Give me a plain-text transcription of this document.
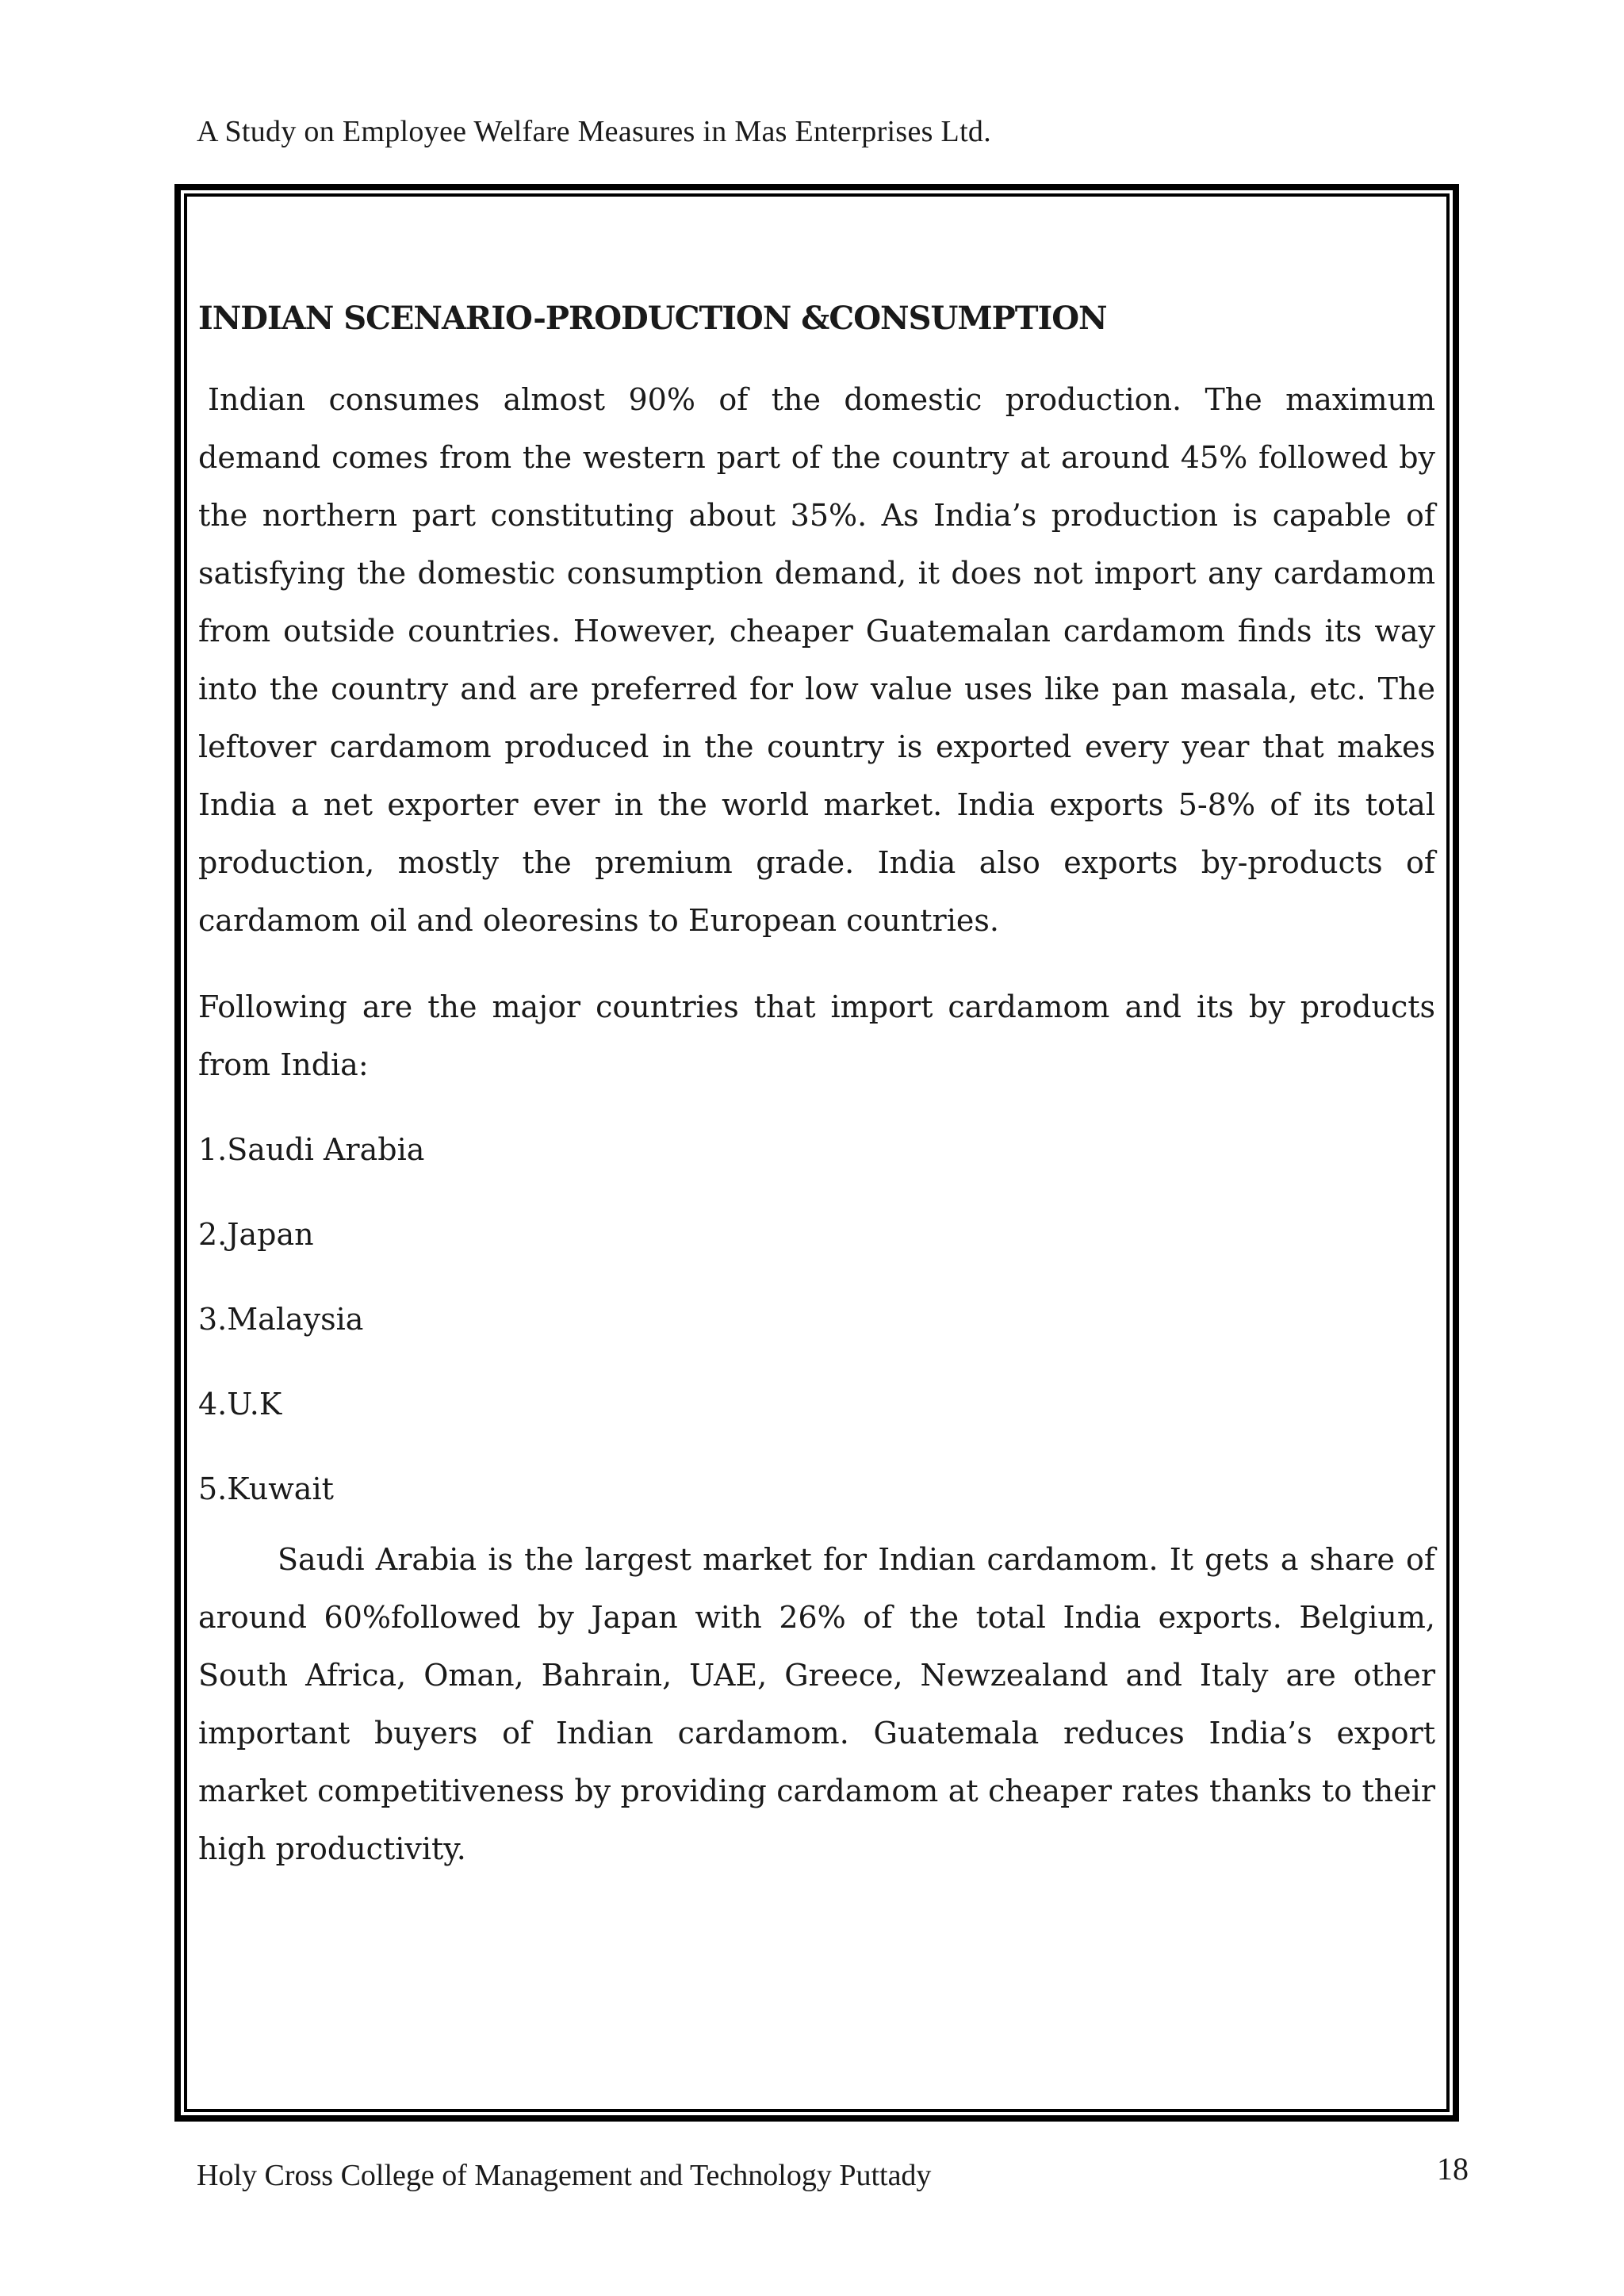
A Study on Employee Welfare Measures in Mas Enterprises Ltd.
INDIAN SCENARIO-PRODUCTION &CONSUMPTION

Indian consumes almost 90% of the domestic production. The maximum demand comes from the western part of the country at around 45% followed by the northern part constituting about 35%. As India’s production is capable of satisfying the domestic consumption demand, it does not import any cardamom from outside countries. However, cheaper Guatemalan cardamom finds its way into the country and are preferred for low value uses like pan masala, etc. The leftover cardamom produced in the country is exported every year that makes India a net exporter ever in the world market. India exports 5-8% of its total production, mostly the premium grade. India also exports by-products of cardamom oil and oleoresins to European countries.

Following are the major countries that import cardamom and its by products from India:

1.Saudi Arabia
2.Japan
3.Malaysia
4.U.K
5.Kuwait

Saudi Arabia is the largest market for Indian cardamom. It gets a share of around 60%followed by Japan with 26% of the total India exports. Belgium, South Africa, Oman, Bahrain, UAE, Greece, Newzealand and Italy are other important buyers of Indian cardamom. Guatemala reduces India’s export market competitiveness by providing cardamom at cheaper rates thanks to their high productivity.

Holy Cross College of Management and Technology Puttady	18
